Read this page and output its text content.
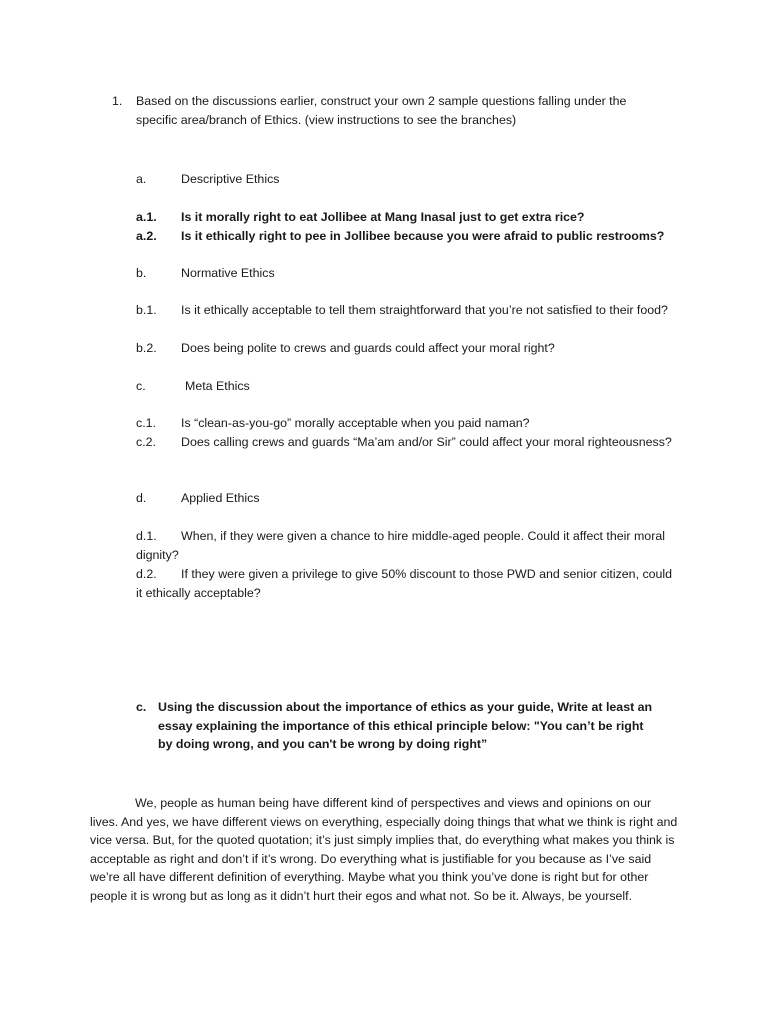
1. Based on the discussions earlier, construct your own 2 sample questions falling under the specific area/branch of Ethics. (view instructions to see the branches)
a.	Descriptive Ethics
a.1. Is it morally right to eat Jollibee at Mang Inasal just to get extra rice?
a.2. Is it ethically right to pee in Jollibee because you were afraid to public restrooms?
b.	Normative Ethics
b.1. Is it ethically acceptable to tell them straightforward that you’re not satisfied to their food?
b.2. Does being polite to crews and guards could affect your moral right?
c.	Meta Ethics
c.1. Is “clean-as-you-go” morally acceptable when you paid naman?
c.2. Does calling crews and guards “Ma’am and/or Sir” could affect your moral righteousness?
d.	Applied Ethics
d.1. When, if they were given a chance to hire middle-aged people. Could it affect their moral dignity?
d.2. If they were given a privilege to give 50% discount to those PWD and senior citizen, could it ethically acceptable?
c. Using the discussion about the importance of ethics as your guide, Write at least an essay explaining the importance of this ethical principle below: "You can’t be right by doing wrong, and you can't be wrong by doing right”
We, people as human being have different kind of perspectives and views and opinions on our lives. And yes, we have different views on everything, especially doing things that what we think is right and vice versa. But, for the quoted quotation; it’s just simply implies that, do everything what makes you think is acceptable as right and don’t if it’s wrong. Do everything what is justifiable for you because as I’ve said we’re all have different definition of everything. Maybe what you think you’ve done is right but for other people it is wrong but as long as it didn’t hurt their egos and what not. So be it. Always, be yourself.
